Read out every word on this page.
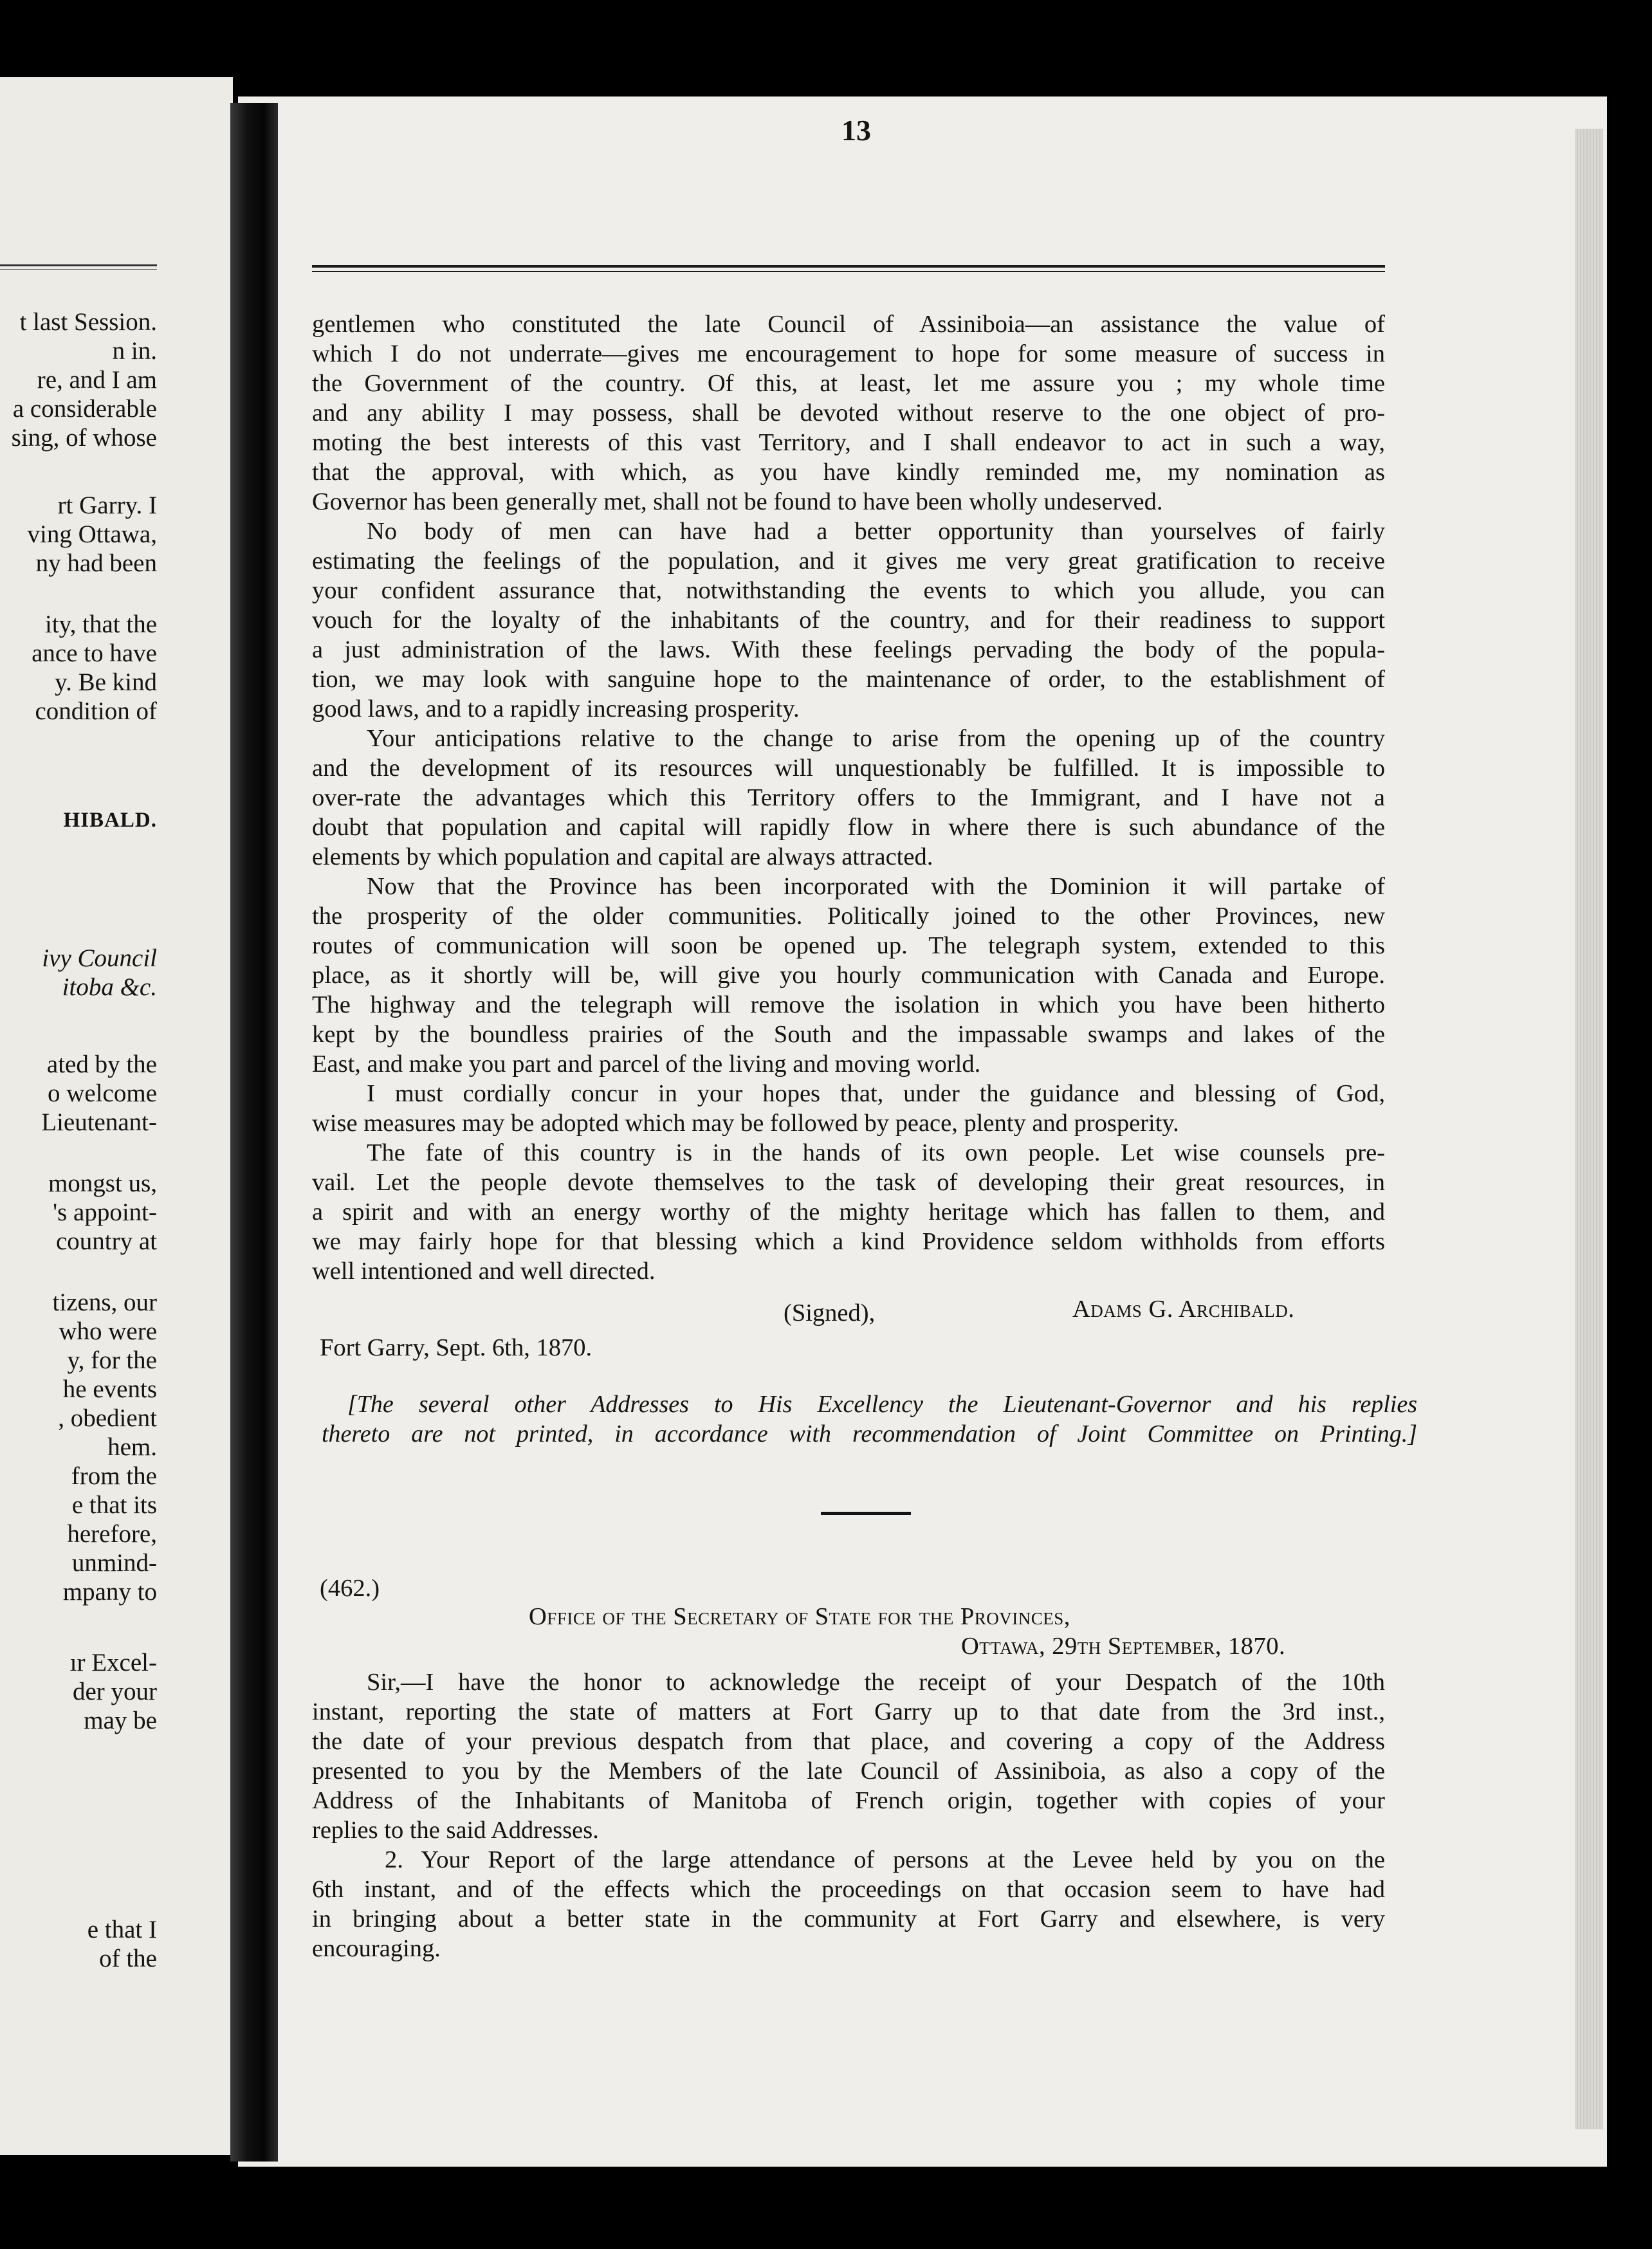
t last Session.
n in.
re, and I am
a considerable
sing, of whose
rt Garry. I
ving Ottawa,
ny had been
ity, that the
ance to have
y. Be kind
condition of
HIBALD.
ivy Council
itoba &c.
ated by the
o welcome
Lieutenant-
mongst us,
's appoint-
country at
tizens, our
who were
y, for the
he events
, obedient
hem.
from the
e that its
herefore,
unmind-
mpany to
ır Excel-
der your
may be
e that I
of the
13
gentlemen who constituted the late Council of Assiniboia—an assistance the value of
which I do not underrate—gives me encouragement to hope for some measure of success in
the Government of the country. Of this, at least, let me assure you ; my whole time
and any ability I may possess, shall be devoted without reserve to the one object of pro-
moting the best interests of this vast Territory, and I shall endeavor to act in such a way,
that the approval, with which, as you have kindly reminded me, my nomination as
Governor has been generally met, shall not be found to have been wholly undeserved.
No body of men can have had a better opportunity than yourselves of fairly
estimating the feelings of the population, and it gives me very great gratification to receive
your confident assurance that, notwithstanding the events to which you allude, you can
vouch for the loyalty of the inhabitants of the country, and for their readiness to support
a just administration of the laws. With these feelings pervading the body of the popula-
tion, we may look with sanguine hope to the maintenance of order, to the establishment of
good laws, and to a rapidly increasing prosperity.
Your anticipations relative to the change to arise from the opening up of the country
and the development of its resources will unquestionably be fulfilled. It is impossible to
over-rate the advantages which this Territory offers to the Immigrant, and I have not a
doubt that population and capital will rapidly flow in where there is such abundance of the
elements by which population and capital are always attracted.
Now that the Province has been incorporated with the Dominion it will partake of
the prosperity of the older communities. Politically joined to the other Provinces, new
routes of communication will soon be opened up. The telegraph system, extended to this
place, as it shortly will be, will give you hourly communication with Canada and Europe.
The highway and the telegraph will remove the isolation in which you have been hitherto
kept by the boundless prairies of the South and the impassable swamps and lakes of the
East, and make you part and parcel of the living and moving world.
I must cordially concur in your hopes that, under the guidance and blessing of God,
wise measures may be adopted which may be followed by peace, plenty and prosperity.
The fate of this country is in the hands of its own people. Let wise counsels pre-
vail. Let the people devote themselves to the task of developing their great resources, in
a spirit and with an energy worthy of the mighty heritage which has fallen to them, and
we may fairly hope for that blessing which a kind Providence seldom withholds from efforts
well intentioned and well directed.
(Signed),	Adams G. Archibald.
Fort Garry, Sept. 6th, 1870.
[The several other Addresses to His Excellency the Lieutenant-Governor and his replies
thereto are not printed, in accordance with recommendation of Joint Committee on Printing.]
(462.)
Office of the Secretary of State for the Provinces,
Ottawa, 29th September, 1870.
Sir,—I have the honor to acknowledge the receipt of your Despatch of the 10th
instant, reporting the state of matters at Fort Garry up to that date from the 3rd inst.,
the date of your previous despatch from that place, and covering a copy of the Address
presented to you by the Members of the late Council of Assiniboia, as also a copy of the
Address of the Inhabitants of Manitoba of French origin, together with copies of your
replies to the said Addresses.
2. Your Report of the large attendance of persons at the Levee held by you on the
6th instant, and of the effects which the proceedings on that occasion seem to have had
in bringing about a better state in the community at Fort Garry and elsewhere, is very
encouraging.
